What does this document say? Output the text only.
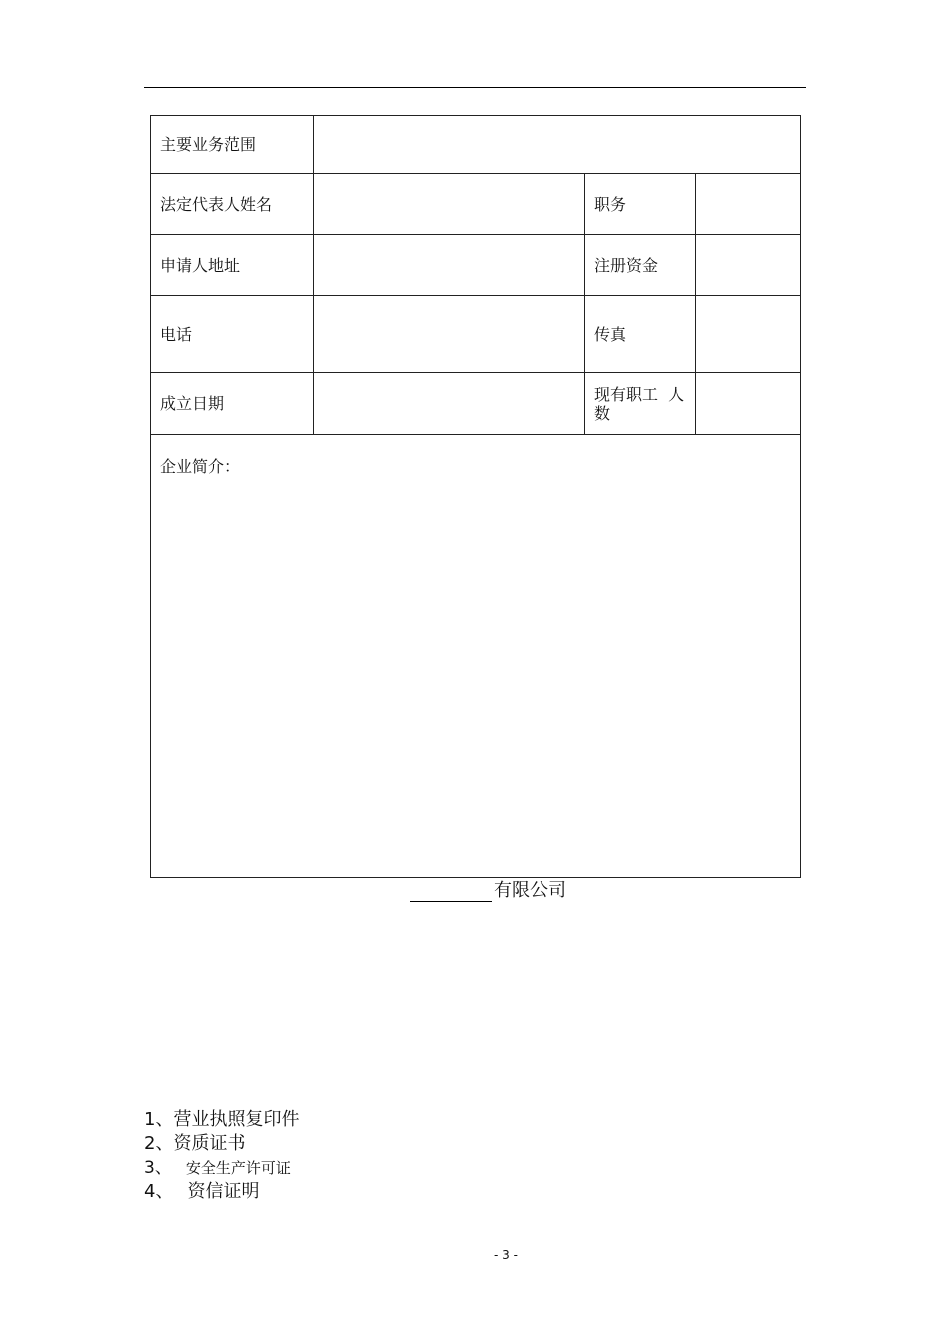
主要业务范围			
法定代表人姓名		职务	
申请人地址		注册资金	
电话		传真	
成立日期		现有职工  人
数	
企业简介：			
有限公司
1、营业执照复印件
2、资质证书
3、 安全生产许可证
4、 资信证明
- 3 -
